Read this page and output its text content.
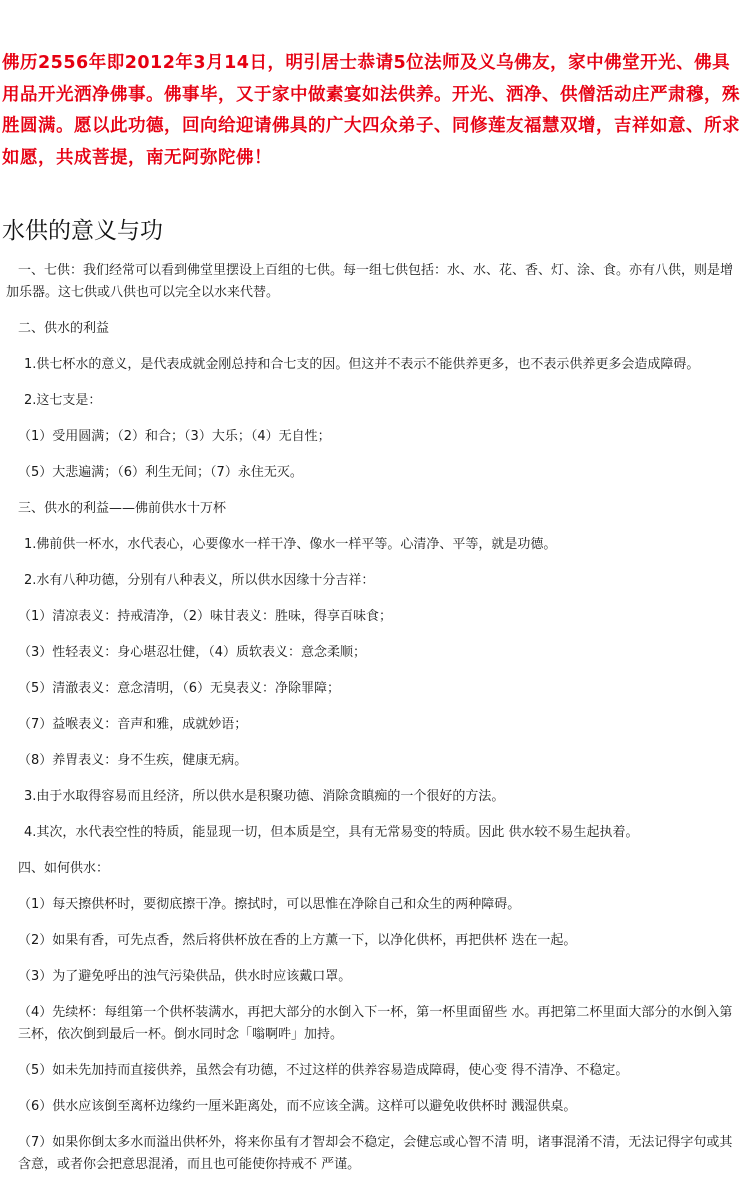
佛历2556年即2012年3月14日，明引居士恭请5位法师及义乌佛友，家中佛堂开光、佛具用品开光洒净佛事。佛事毕，又于家中做素宴如法供养。开光、洒净、供僧活动庄严肃穆，殊胜圆满。愿以此功德，回向给迎请佛具的广大四众弟子、同修莲友福慧双增，吉祥如意、所求如愿，共成菩提，南无阿弥陀佛！
水供的意义与功

一、七供：我们经常可以看到佛堂里摆设上百组的七供。每一组七供包括：水、水、花、香、灯、涂、食。亦有八供，则是增加乐器。这七供或八供也可以完全以水来代替。

二、供水的利益

1.供七杯水的意义，是代表成就金刚总持和合七支的因。但这并不表示不能供养更多，也不表示供养更多会造成障碍。

2.这七支是：

（1）受用圆满；（2）和合；（3）大乐；（4）无自性；

（5）大悲遍满；（6）利生无间；（7）永住无灭。

三、供水的利益——佛前供水十万杯

1.佛前供一杯水，水代表心，心要像水一样干净、像水一样平等。心清净、平等，就是功德。

2.水有八种功德，分别有八种表义，所以供水因缘十分吉祥：

（1）清凉表义：持戒清净，（2）味甘表义：胜味，得享百味食；

（3）性轻表义：身心堪忍壮健，（4）质软表义：意念柔顺；

（5）清澈表义：意念清明，（6）无臭表义：净除罪障；

（7）益喉表义：音声和雅，成就妙语；

（8）养胃表义：身不生疾，健康无病。

3.由于水取得容易而且经济，所以供水是积聚功德、消除贪瞋痴的一个很好的方法。

4.其次，水代表空性的特质，能显现一切，但本质是空，具有无常易变的特质。因此 供水较不易生起执着。

四、如何供水：

（1）每天擦供杯时，要彻底擦干净。擦拭时，可以思惟在净除自己和众生的两种障碍。

（2）如果有香，可先点香，然后将供杯放在香的上方薰一下，以净化供杯，再把供杯 迭在一起。

（3）为了避免呼出的浊气污染供品，供水时应该戴口罩。

（4）先续杯：每组第一个供杯装满水，再把大部分的水倒入下一杯，第一杯里面留些 水。再把第二杯里面大部分的水倒入第三杯，依次倒到最后一杯。倒水同时念「嗡啊吽」加持。

（5）如未先加持而直接供养，虽然会有功德，不过这样的供养容易造成障碍，使心变 得不清净、不稳定。

（6）供水应该倒至离杯边缘约一厘米距离处，而不应该全满。这样可以避免收供杯时 溅湿供桌。

（7）如果你倒太多水而溢出供杯外，将来你虽有才智却会不稳定，会健忘或心智不清 明，诸事混淆不清，无法记得字句或其含意，或者你会把意思混淆，而且也可能使你持戒不 严谨。
